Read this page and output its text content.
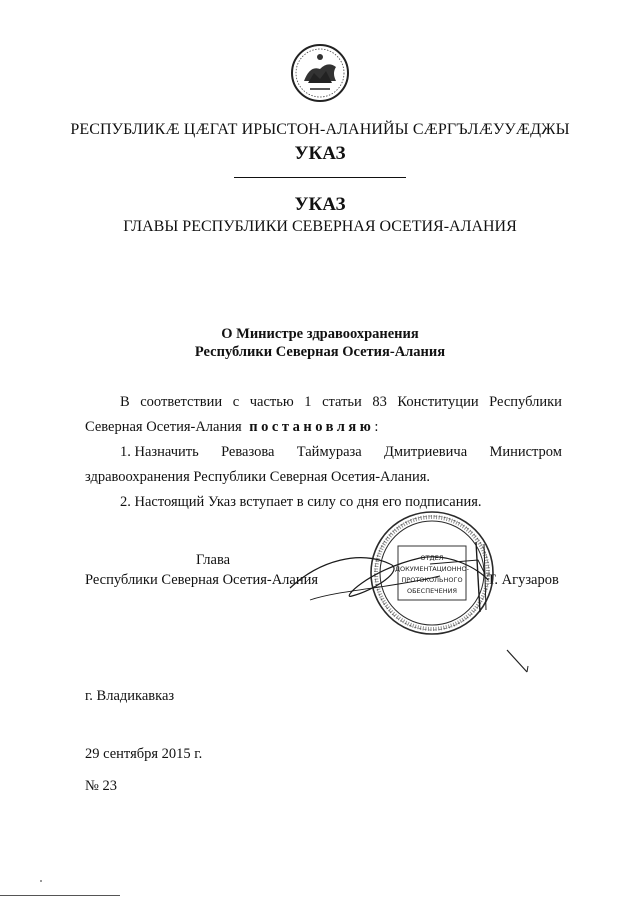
РЕСПУБЛИКӔ ЦӔГАТ ИРЫСТОН-АЛАНИЙЫ СӔРГЪЛӔУУӔДЖЫ
УКАЗ
УКАЗ
ГЛАВЫ РЕСПУБЛИКИ СЕВЕРНАЯ ОСЕТИЯ-АЛАНИЯ
О Министре здравоохранения
Республики Северная Осетия-Алания
В соответствии с частью 1 статьи 83 Конституции Республики
Северная Осетия-Алания постановляю:
1. Назначить Ревазова Таймураза Дмитриевича Министром
здравоохранения Республики Северная Осетия-Алания.
2. Настоящий Указ вступает в силу со дня его подписания.
Глава
Республики Северная Осетия-Алания	Т. Агузаров
ОТДЕЛ
ДОКУМЕНТАЦИОННО-
ПРОТОКОЛЬНОГО
ОБЕСПЕЧЕНИЯ
г. Владикавказ
29 сентября 2015 г.
№ 23
